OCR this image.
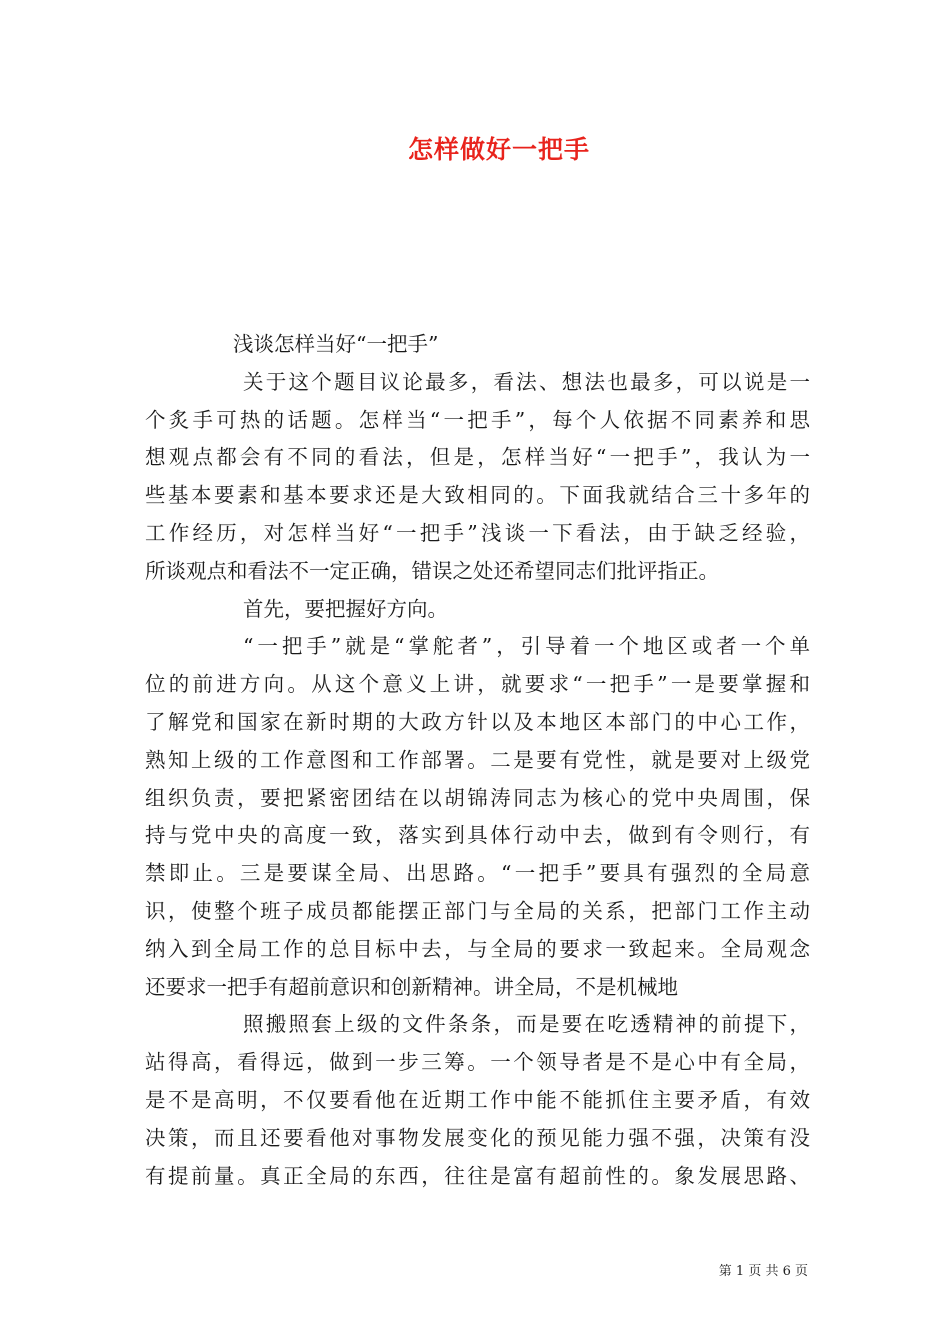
怎样做好一把手
浅谈怎样当好“一把手”
关于这个题目议论最多，看法、想法也最多，可以说是一
个炙手可热的话题。怎样当“一把手”，每个人依据不同素养和思
想观点都会有不同的看法，但是，怎样当好“一把手”，我认为一
些基本要素和基本要求还是大致相同的。下面我就结合三十多年的
工作经历，对怎样当好“一把手”浅谈一下看法，由于缺乏经验，
所谈观点和看法不一定正确，错误之处还希望同志们批评指正。
首先，要把握好方向。
“一把手”就是“掌舵者”，引导着一个地区或者一个单
位的前进方向。从这个意义上讲，就要求“一把手”一是要掌握和
了解党和国家在新时期的大政方针以及本地区本部门的中心工作，
熟知上级的工作意图和工作部署。二是要有党性，就是要对上级党
组织负责，要把紧密团结在以胡锦涛同志为核心的党中央周围，保
持与党中央的高度一致，落实到具体行动中去，做到有令则行，有
禁即止。三是要谋全局、出思路。“一把手”要具有强烈的全局意
识，使整个班子成员都能摆正部门与全局的关系，把部门工作主动
纳入到全局工作的总目标中去，与全局的要求一致起来。全局观念
还要求一把手有超前意识和创新精神。讲全局，不是机械地
照搬照套上级的文件条条，而是要在吃透精神的前提下，
站得高，看得远，做到一步三筹。一个领导者是不是心中有全局，
是不是高明，不仅要看他在近期工作中能不能抓住主要矛盾，有效
决策，而且还要看他对事物发展变化的预见能力强不强，决策有没
有提前量。真正全局的东西，往往是富有超前性的。象发展思路、
第 1 页 共 6 页
